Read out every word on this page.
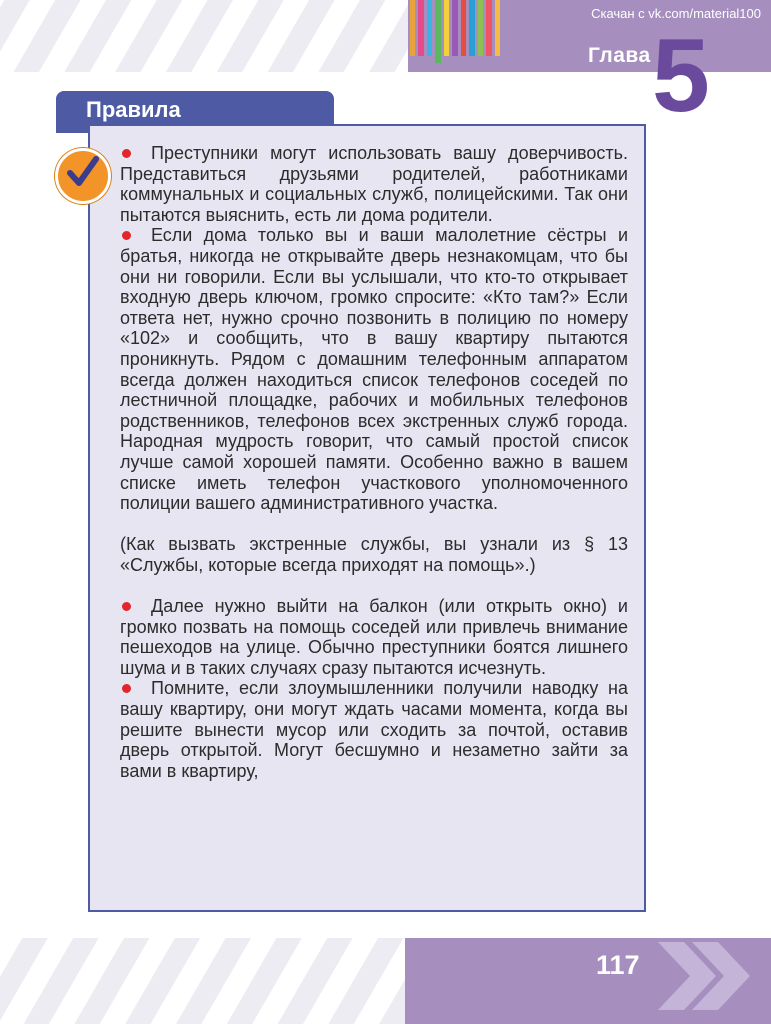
Скачан с vk.com/material100
Глава 5
Правила

Преступники могут использовать вашу доверчивость. Представиться друзьями родителей, работниками коммунальных и социальных служб, полицейскими. Так они пытаются выяснить, есть ли дома родители.

Если дома только вы и ваши малолетние сёстры и братья, никогда не открывайте дверь незнакомцам, что бы они ни говорили. Если вы услышали, что кто-то открывает входную дверь ключом, громко спросите: «Кто там?» Если ответа нет, нужно срочно позвонить в полицию по номеру «102» и сообщить, что в вашу квартиру пытаются проникнуть. Рядом с домашним телефонным аппаратом всегда должен находиться список телефонов соседей по лестничной площадке, рабочих и мобильных телефонов родственников, телефонов всех экстренных служб города. Народная мудрость говорит, что самый простой список лучше самой хорошей памяти. Особенно важно в вашем списке иметь телефон участкового уполномоченного полиции вашего административного участка.

(Как вызвать экстренные службы, вы узнали из § 13 «Службы, которые всегда приходят на помощь».)

Далее нужно выйти на балкон (или открыть окно) и громко позвать на помощь соседей или привлечь внимание пешеходов на улице. Обычно преступники боятся лишнего шума и в таких случаях сразу пытаются исчезнуть.

Помните, если злоумышленники получили наводку на вашу квартиру, они могут ждать часами момента, когда вы решите вынести мусор или сходить за почтой, оставив дверь открытой. Могут бесшумно и незаметно зайти за вами в квартиру,

117
